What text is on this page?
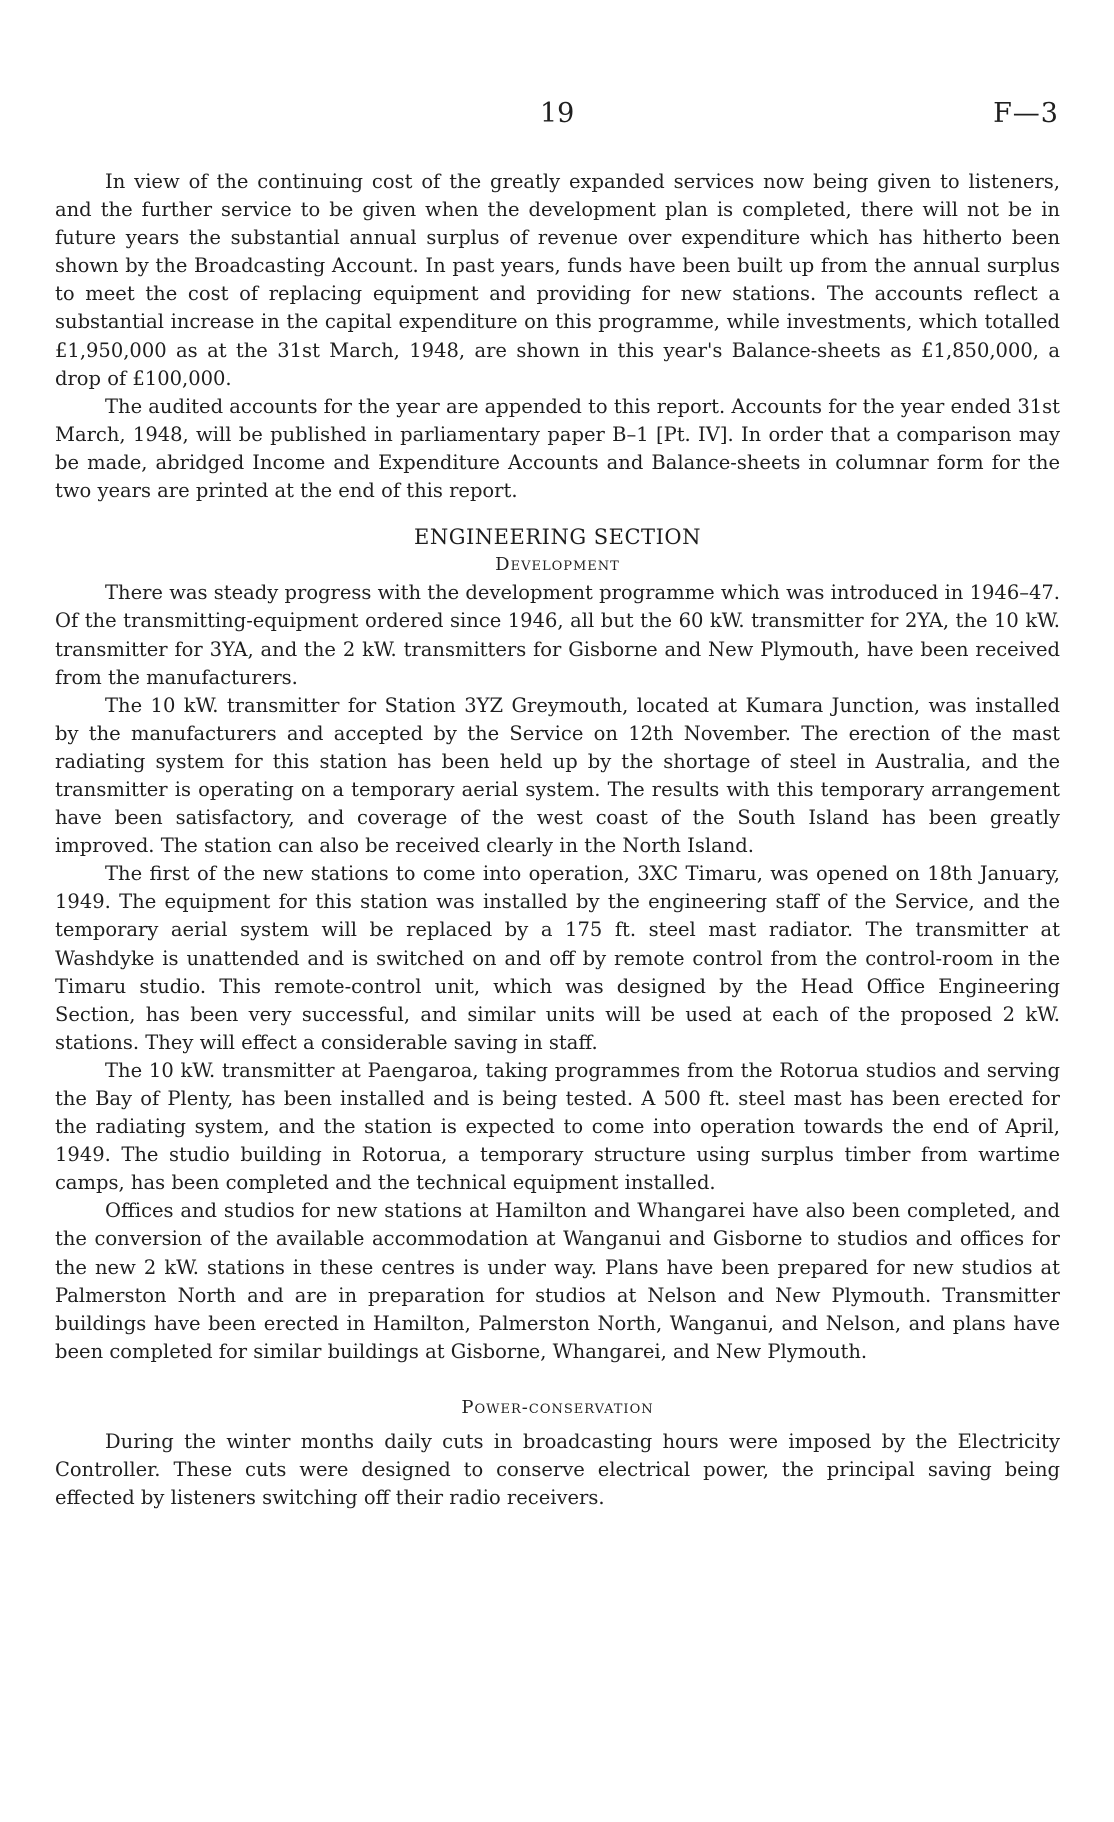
19	F—3

In view of the continuing cost of the greatly expanded services now being given to listeners, and the further service to be given when the development plan is completed, there will not be in future years the substantial annual surplus of revenue over expenditure which has hitherto been shown by the Broadcasting Account. In past years, funds have been built up from the annual surplus to meet the cost of replacing equipment and providing for new stations. The accounts reflect a substantial increase in the capital expenditure on this programme, while investments, which totalled £1,950,000 as at the 31st March, 1948, are shown in this year's Balance-sheets as £1,850,000, a drop of £100,000.

The audited accounts for the year are appended to this report. Accounts for the year ended 31st March, 1948, will be published in parliamentary paper B–1 [Pt. IV]. In order that a comparison may be made, abridged Income and Expenditure Accounts and Balance-sheets in columnar form for the two years are printed at the end of this report.

ENGINEERING SECTION
Development

There was steady progress with the development programme which was introduced in 1946–47. Of the transmitting-equipment ordered since 1946, all but the 60 kW. transmitter for 2YA, the 10 kW. transmitter for 3YA, and the 2 kW. transmitters for Gisborne and New Plymouth, have been received from the manufacturers.

The 10 kW. transmitter for Station 3YZ Greymouth, located at Kumara Junction, was installed by the manufacturers and accepted by the Service on 12th November. The erection of the mast radiating system for this station has been held up by the shortage of steel in Australia, and the transmitter is operating on a temporary aerial system. The results with this temporary arrangement have been satisfactory, and coverage of the west coast of the South Island has been greatly improved. The station can also be received clearly in the North Island.

The first of the new stations to come into operation, 3XC Timaru, was opened on 18th January, 1949. The equipment for this station was installed by the engineering staff of the Service, and the temporary aerial system will be replaced by a 175 ft. steel mast radiator. The transmitter at Washdyke is unattended and is switched on and off by remote control from the control-room in the Timaru studio. This remote-control unit, which was designed by the Head Office Engineering Section, has been very successful, and similar units will be used at each of the proposed 2 kW. stations. They will effect a considerable saving in staff.

The 10 kW. transmitter at Paengaroa, taking programmes from the Rotorua studios and serving the Bay of Plenty, has been installed and is being tested. A 500 ft. steel mast has been erected for the radiating system, and the station is expected to come into operation towards the end of April, 1949. The studio building in Rotorua, a temporary structure using surplus timber from wartime camps, has been completed and the technical equipment installed.

Offices and studios for new stations at Hamilton and Whangarei have also been completed, and the conversion of the available accommodation at Wanganui and Gisborne to studios and offices for the new 2 kW. stations in these centres is under way. Plans have been prepared for new studios at Palmerston North and are in preparation for studios at Nelson and New Plymouth. Transmitter buildings have been erected in Hamilton, Palmerston North, Wanganui, and Nelson, and plans have been completed for similar buildings at Gisborne, Whangarei, and New Plymouth.

Power-conservation

During the winter months daily cuts in broadcasting hours were imposed by the Electricity Controller. These cuts were designed to conserve electrical power, the principal saving being effected by listeners switching off their radio receivers.
